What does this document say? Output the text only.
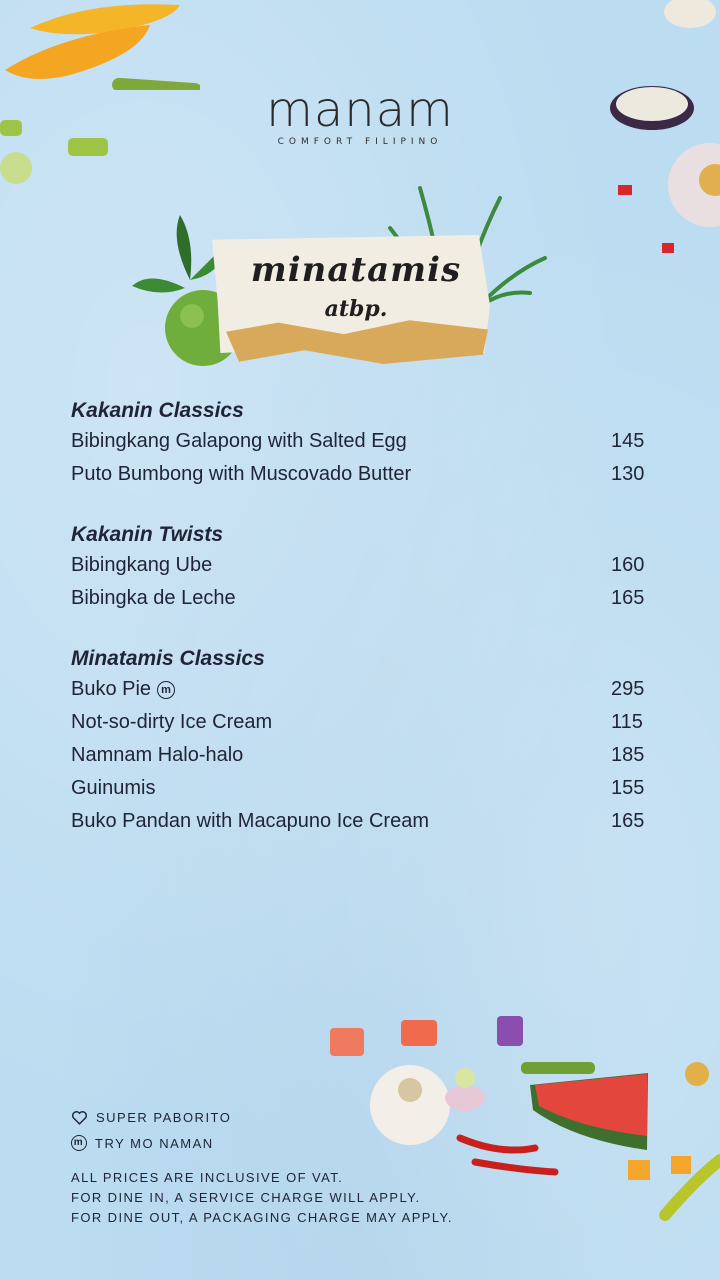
manam
COMFORT FILIPINO
minatamis
atbp.
Kakanin Classics
Bibingkang Galapong with Salted Egg	145
Puto Bumbong with Muscovado Butter	130
Kakanin Twists
Bibingkang Ube	160
Bibingka de Leche	165
Minatamis Classics
Buko Pie m	295
Not-so-dirty Ice Cream	115
Namnam Halo-halo	185
Guinumis	155
Buko Pandan with Macapuno Ice Cream	165
SUPER PABORITO
m TRY MO NAMAN
ALL PRICES ARE INCLUSIVE OF VAT.
FOR DINE IN, A SERVICE CHARGE WILL APPLY.
FOR DINE OUT, A PACKAGING CHARGE MAY APPLY.
